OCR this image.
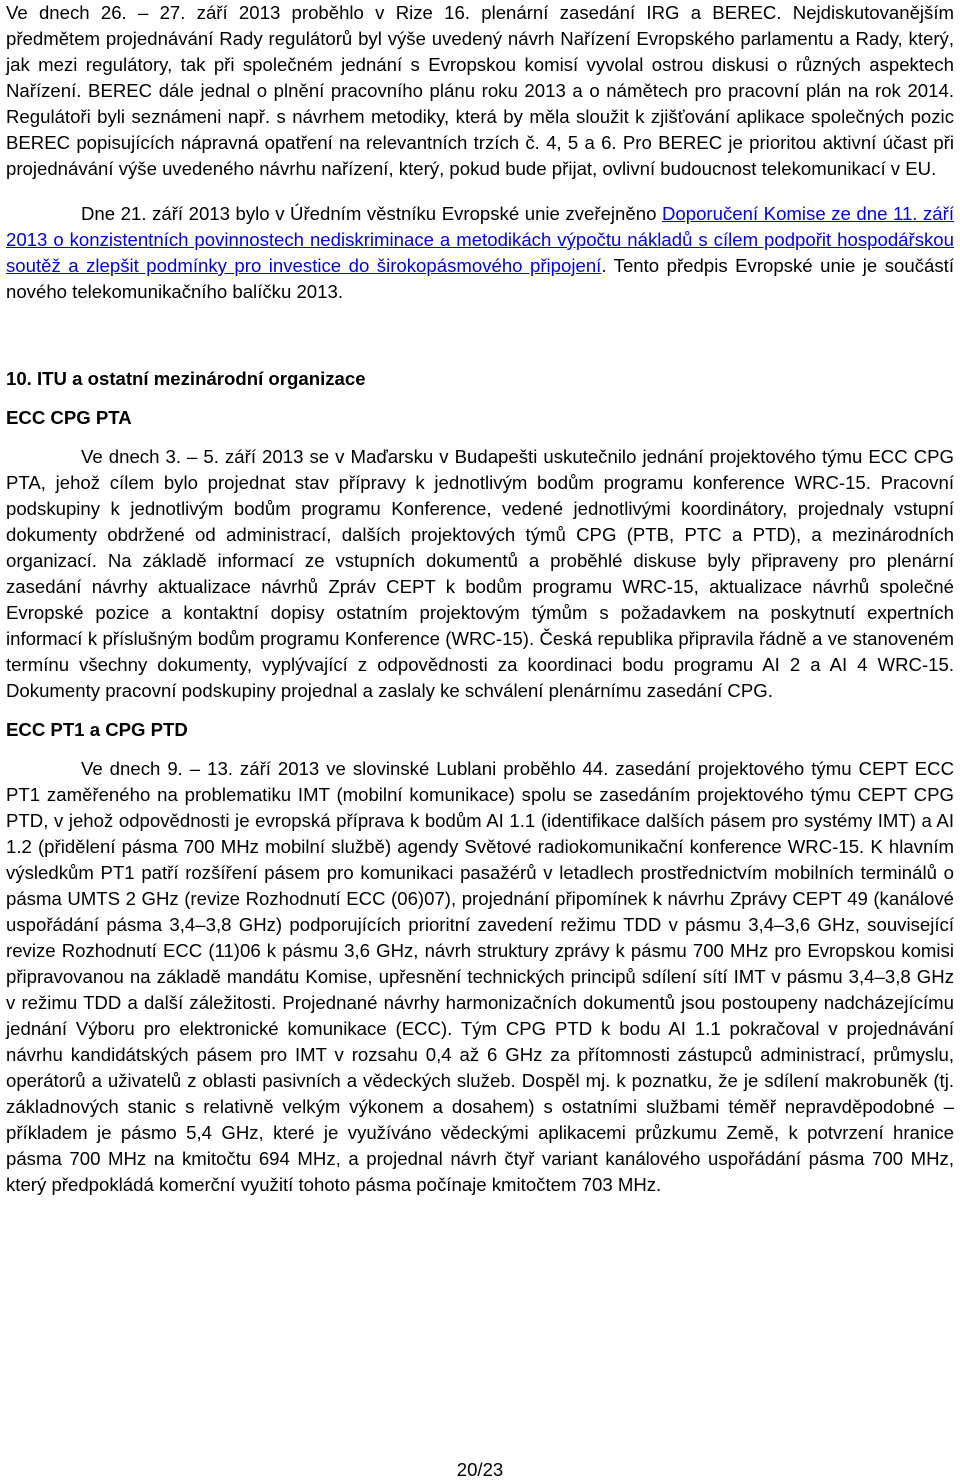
Ve dnech 26. – 27. září 2013 proběhlo v Rize 16. plenární zasedání IRG a BEREC. Nejdiskutovanějším předmětem projednávání Rady regulátorů byl výše uvedený návrh Nařízení Evropského parlamentu a Rady, který, jak mezi regulátory, tak při společném jednání s Evropskou komisí vyvolal ostrou diskusi o různých aspektech Nařízení. BEREC dále jednal o plnění pracovního plánu roku 2013 a o námětech pro pracovní plán na rok 2014. Regulátoři byli seznámeni např. s návrhem metodiky, která by měla sloužit k zjišťování aplikace společných pozic BEREC popisujících nápravná opatření na relevantních trzích č. 4, 5 a 6. Pro BEREC je prioritou aktivní účast při projednávání výše uvedeného návrhu nařízení, který, pokud bude přijat, ovlivní budoucnost telekomunikací v EU.

Dne 21. září 2013 bylo v Úředním věstníku Evropské unie zveřejněno Doporučení Komise ze dne 11. září 2013 o konzistentních povinnostech nediskriminace a metodikách výpočtu nákladů s cílem podpořit hospodářskou soutěž a zlepšit podmínky pro investice do širokopásmového připojení. Tento předpis Evropské unie je součástí nového telekomunikačního balíčku 2013.

10. ITU a ostatní mezinárodní organizace

ECC CPG PTA

Ve dnech 3. – 5. září 2013 se v Maďarsku v Budapešti uskutečnilo jednání projektového týmu ECC CPG PTA, jehož cílem bylo projednat stav přípravy k jednotlivým bodům programu konference WRC-15. Pracovní podskupiny k jednotlivým bodům programu Konference, vedené jednotlivými koordinátory, projednaly vstupní dokumenty obdržené od administrací, dalších projektových týmů CPG (PTB, PTC a PTD), a mezinárodních organizací. Na základě informací ze vstupních dokumentů a proběhlé diskuse byly připraveny pro plenární zasedání návrhy aktualizace návrhů Zpráv CEPT k bodům programu WRC-15, aktualizace návrhů společné Evropské pozice a kontaktní dopisy ostatním projektovým týmům s požadavkem na poskytnutí expertních informací k příslušným bodům programu Konference (WRC-15). Česká republika připravila řádně a ve stanoveném termínu všechny dokumenty, vyplývající z odpovědnosti za koordinaci bodu programu AI 2 a AI 4 WRC-15. Dokumenty pracovní podskupiny projednal a zaslaly ke schválení plenárnímu zasedání CPG.

ECC PT1 a CPG PTD

Ve dnech 9. – 13. září 2013 ve slovinské Lublani proběhlo 44. zasedání projektového týmu CEPT ECC PT1 zaměřeného na problematiku IMT (mobilní komunikace) spolu se zasedáním projektového týmu CEPT CPG PTD, v jehož odpovědnosti je evropská příprava k bodům AI 1.1 (identifikace dalších pásem pro systémy IMT) a AI 1.2 (přidělení pásma 700 MHz mobilní službě) agendy Světové radiokomunikační konference WRC-15. K hlavním výsledkům PT1 patří rozšíření pásem pro komunikaci pasažérů v letadlech prostřednictvím mobilních terminálů o pásma UMTS 2 GHz (revize Rozhodnutí ECC (06)07), projednání připomínek k návrhu Zprávy CEPT 49 (kanálové uspořádání pásma 3,4–3,8 GHz) podporujících prioritní zavedení režimu TDD v pásmu 3,4–3,6 GHz, související revize Rozhodnutí ECC (11)06 k pásmu 3,6 GHz, návrh struktury zprávy k pásmu 700 MHz pro Evropskou komisi připravovanou na základě mandátu Komise, upřesnění technických principů sdílení sítí IMT v pásmu 3,4–3,8 GHz v režimu TDD a další záležitosti. Projednané návrhy harmonizačních dokumentů jsou postoupeny nadcházejícímu jednání Výboru pro elektronické komunikace (ECC). Tým CPG PTD k bodu AI 1.1 pokračoval v projednávání návrhu kandidátských pásem pro IMT v rozsahu 0,4 až 6 GHz za přítomnosti zástupců administrací, průmyslu, operátorů a uživatelů z oblasti pasivních a vědeckých služeb. Dospěl mj. k poznatku, že je sdílení makrobuněk (tj. základnových stanic s relativně velkým výkonem a dosahem) s ostatními službami téměř nepravděpodobné – příkladem je pásmo 5,4 GHz, které je využíváno vědeckými aplikacemi průzkumu Země, k potvrzení hranice pásma 700 MHz na kmitočtu 694 MHz, a projednal návrh čtyř variant kanálového uspořádání pásma 700 MHz, který předpokládá komerční využití tohoto pásma počínaje kmitočtem 703 MHz.

20/23
